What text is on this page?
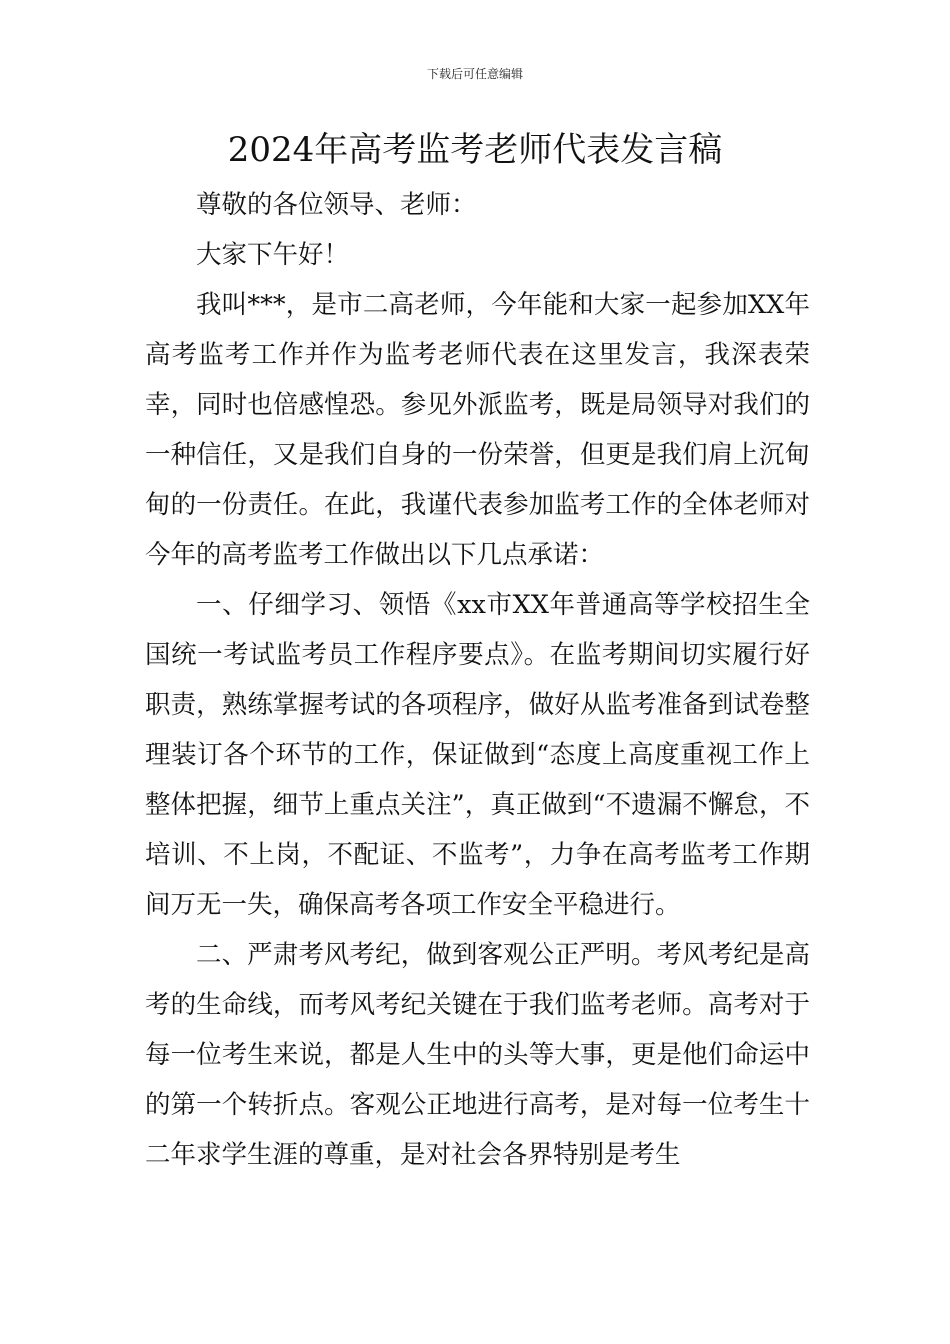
下载后可任意编辑
2024年高考监考老师代表发言稿

尊敬的各位领导、老师：

大家下午好！

我叫***，是市二高老师，今年能和大家一起参加XX年高考监考工作并作为监考老师代表在这里发言，我深表荣幸，同时也倍感惶恐。参见外派监考，既是局领导对我们的一种信任，又是我们自身的一份荣誉，但更是我们肩上沉甸甸的一份责任。在此，我谨代表参加监考工作的全体老师对今年的高考监考工作做出以下几点承诺：

一、仔细学习、领悟《xx市XX年普通高等学校招生全国统一考试监考员工作程序要点》。在监考期间切实履行好职责，熟练掌握考试的各项程序，做好从监考准备到试卷整理装订各个环节的工作，保证做到“态度上高度重视工作上整体把握，细节上重点关注”，真正做到“不遗漏不懈怠，不培训、不上岗，不配证、不监考”，力争在高考监考工作期间万无一失，确保高考各项工作安全平稳进行。

二、严肃考风考纪，做到客观公正严明。考风考纪是高考的生命线，而考风考纪关键在于我们监考老师。高考对于每一位考生来说，都是人生中的头等大事，更是他们命运中的第一个转折点。客观公正地进行高考，是对每一位考生十二年求学生涯的尊重，是对社会各界特别是考生
